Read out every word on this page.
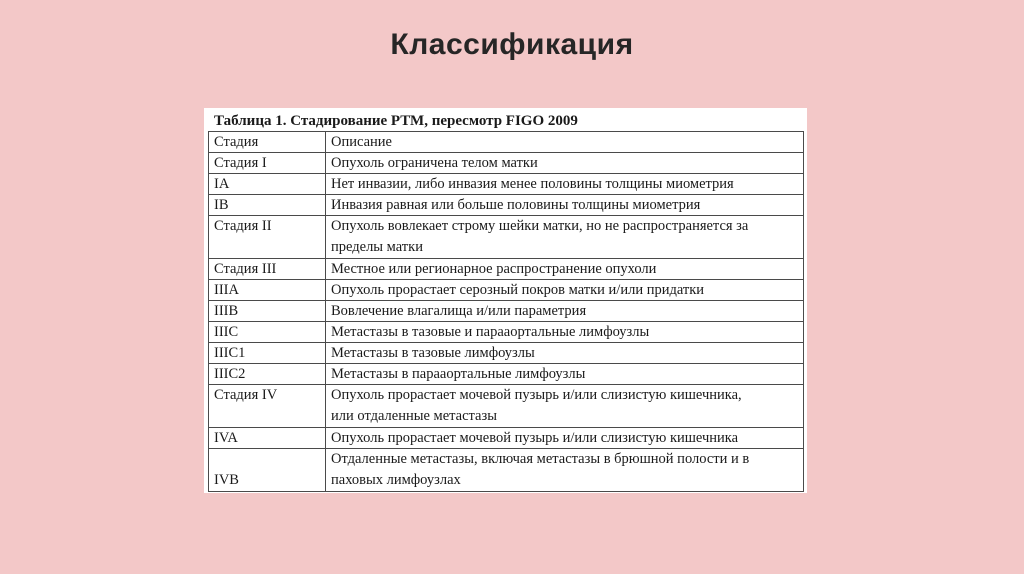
Классификация
Таблица 1. Стадирование РТМ, пересмотр FIGO 2009
Стадия	Описание
Стадия I	Опухоль ограничена телом матки

IA	Нет инвазии, либо инвазия менее половины толщины миометрия

IB	Инвазия равная или больше половины толщины миометрия

Стадия II	Опухоль вовлекает строму шейки матки, но не распространяется за
пределы матки

Стадия III	Местное или регионарное распространение опухоли

IIIA	Опухоль прорастает серозный покров матки и/или придатки

IIIB	Вовлечение влагалища и/или параметрия

IIIC	Метастазы в тазовые и парааортальные лимфоузлы

IIIC1	Метастазы в тазовые лимфоузлы

IIIC2	Метастазы в парааортальные лимфоузлы

Стадия IV	Опухоль прорастает мочевой пузырь и/или слизистую кишечника,
или отдаленные метастазы

IVA	Опухоль прорастает мочевой пузырь и/или слизистую кишечника

IVB	Отдаленные метастазы, включая метастазы в брюшной полости и в
паховых лимфоузлах
